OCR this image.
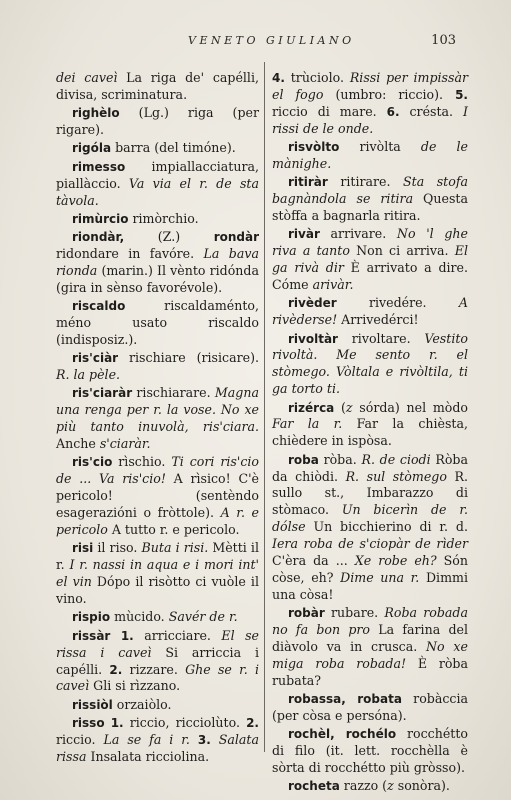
VENETO GIULIANO	103

dei caveì La riga de' capélli, divisa, scriminatura.

righèlo (Lg.) riga (per rigare).

rigóla barra (del timóne).

rimesso impiallacciatura, piallàccio. Va via el r. de sta tàvola.

rimùrcio rimòrchio.

riondàr, (Z.) rondàr ridondare in favóre. La bava rionda (marin.) Il vènto ridónda (gira in sènso favorévole).

riscaldo riscaldaménto, méno usato riscaldo (indisposiz.).

ris'ciàr rischiare (risicare). R. la pèle.

ris'ciaràr rischiarare. Magna una renga per r. la vose. No xe più tanto inuvolà, ris'ciara. Anche s'ciaràr.

ris'cio rìschio. Ti cori ris'cio de ... Va ris'cio! A rìsico! C'è pericolo! (sentèndo esagerazióni o fròttole). A r. e pericolo A tutto r. e pericolo.

risi il riso. Buta i risi. Mètti il r. I r. nassi in aqua e i mori int' el vin Dópo il risòtto ci vuòle il vino.

rispio mùcido. Savér de r.

rissàr 1. arricciare. El se rissa i caveì Si arriccia i capélli. 2. rizzare. Ghe se r. i caveì Gli si rìzzano.

rissiòl orzaiòlo.

risso 1. riccio, ricciolùto. 2. riccio. La se fa i r. 3. Salata rissa Insalata ricciolina.

4. trùciolo. Rissi per impissàr el fogo (umbro: riccio). 5. riccio di mare. 6. crésta. I rissi de le onde.

risvòlto rivòlta de le mànighe.

ritiràr ritirare. Sta stofa bagnàndola se ritira Questa stòffa a bagnarla ritira.

rivàr arrivare. No 'l ghe riva a tanto Non ci arriva. El ga rivà dir È arrivato a dire. Cóme arivàr.

rivèder rivedére. A rivèderse! Arrivedérci!

rivoltàr rivoltare. Vestito rivoltà. Me sento r. el stòmego. Vòltala e rivòltila, ti ga torto ti.

rizérca (z sórda) nel mòdo Far la r. Far la chièsta, chièdere in ispòsa.

roba ròba. R. de ciodi Ròba da chiòdi. R. sul stòmego R. sullo st., Imbarazzo di stòmaco. Un bicerìn de r. dólse Un bicchierino di r. d. Iera roba de s'ciopàr de rìder C'èra da ... Xe robe eh? Són còse, eh? Dime una r. Dimmi una còsa!

robàr rubare. Roba robada no fa bon pro La farina del diàvolo va in crusca. No xe miga roba robada! È ròba rubata?

robassa, robata robàccia (per còsa e persóna).

rochèl, rochélo rocchétto di filo (it. lett. rocchèlla è sòrta di rocchétto più gròsso).

rocheta razzo (z sonòra).
